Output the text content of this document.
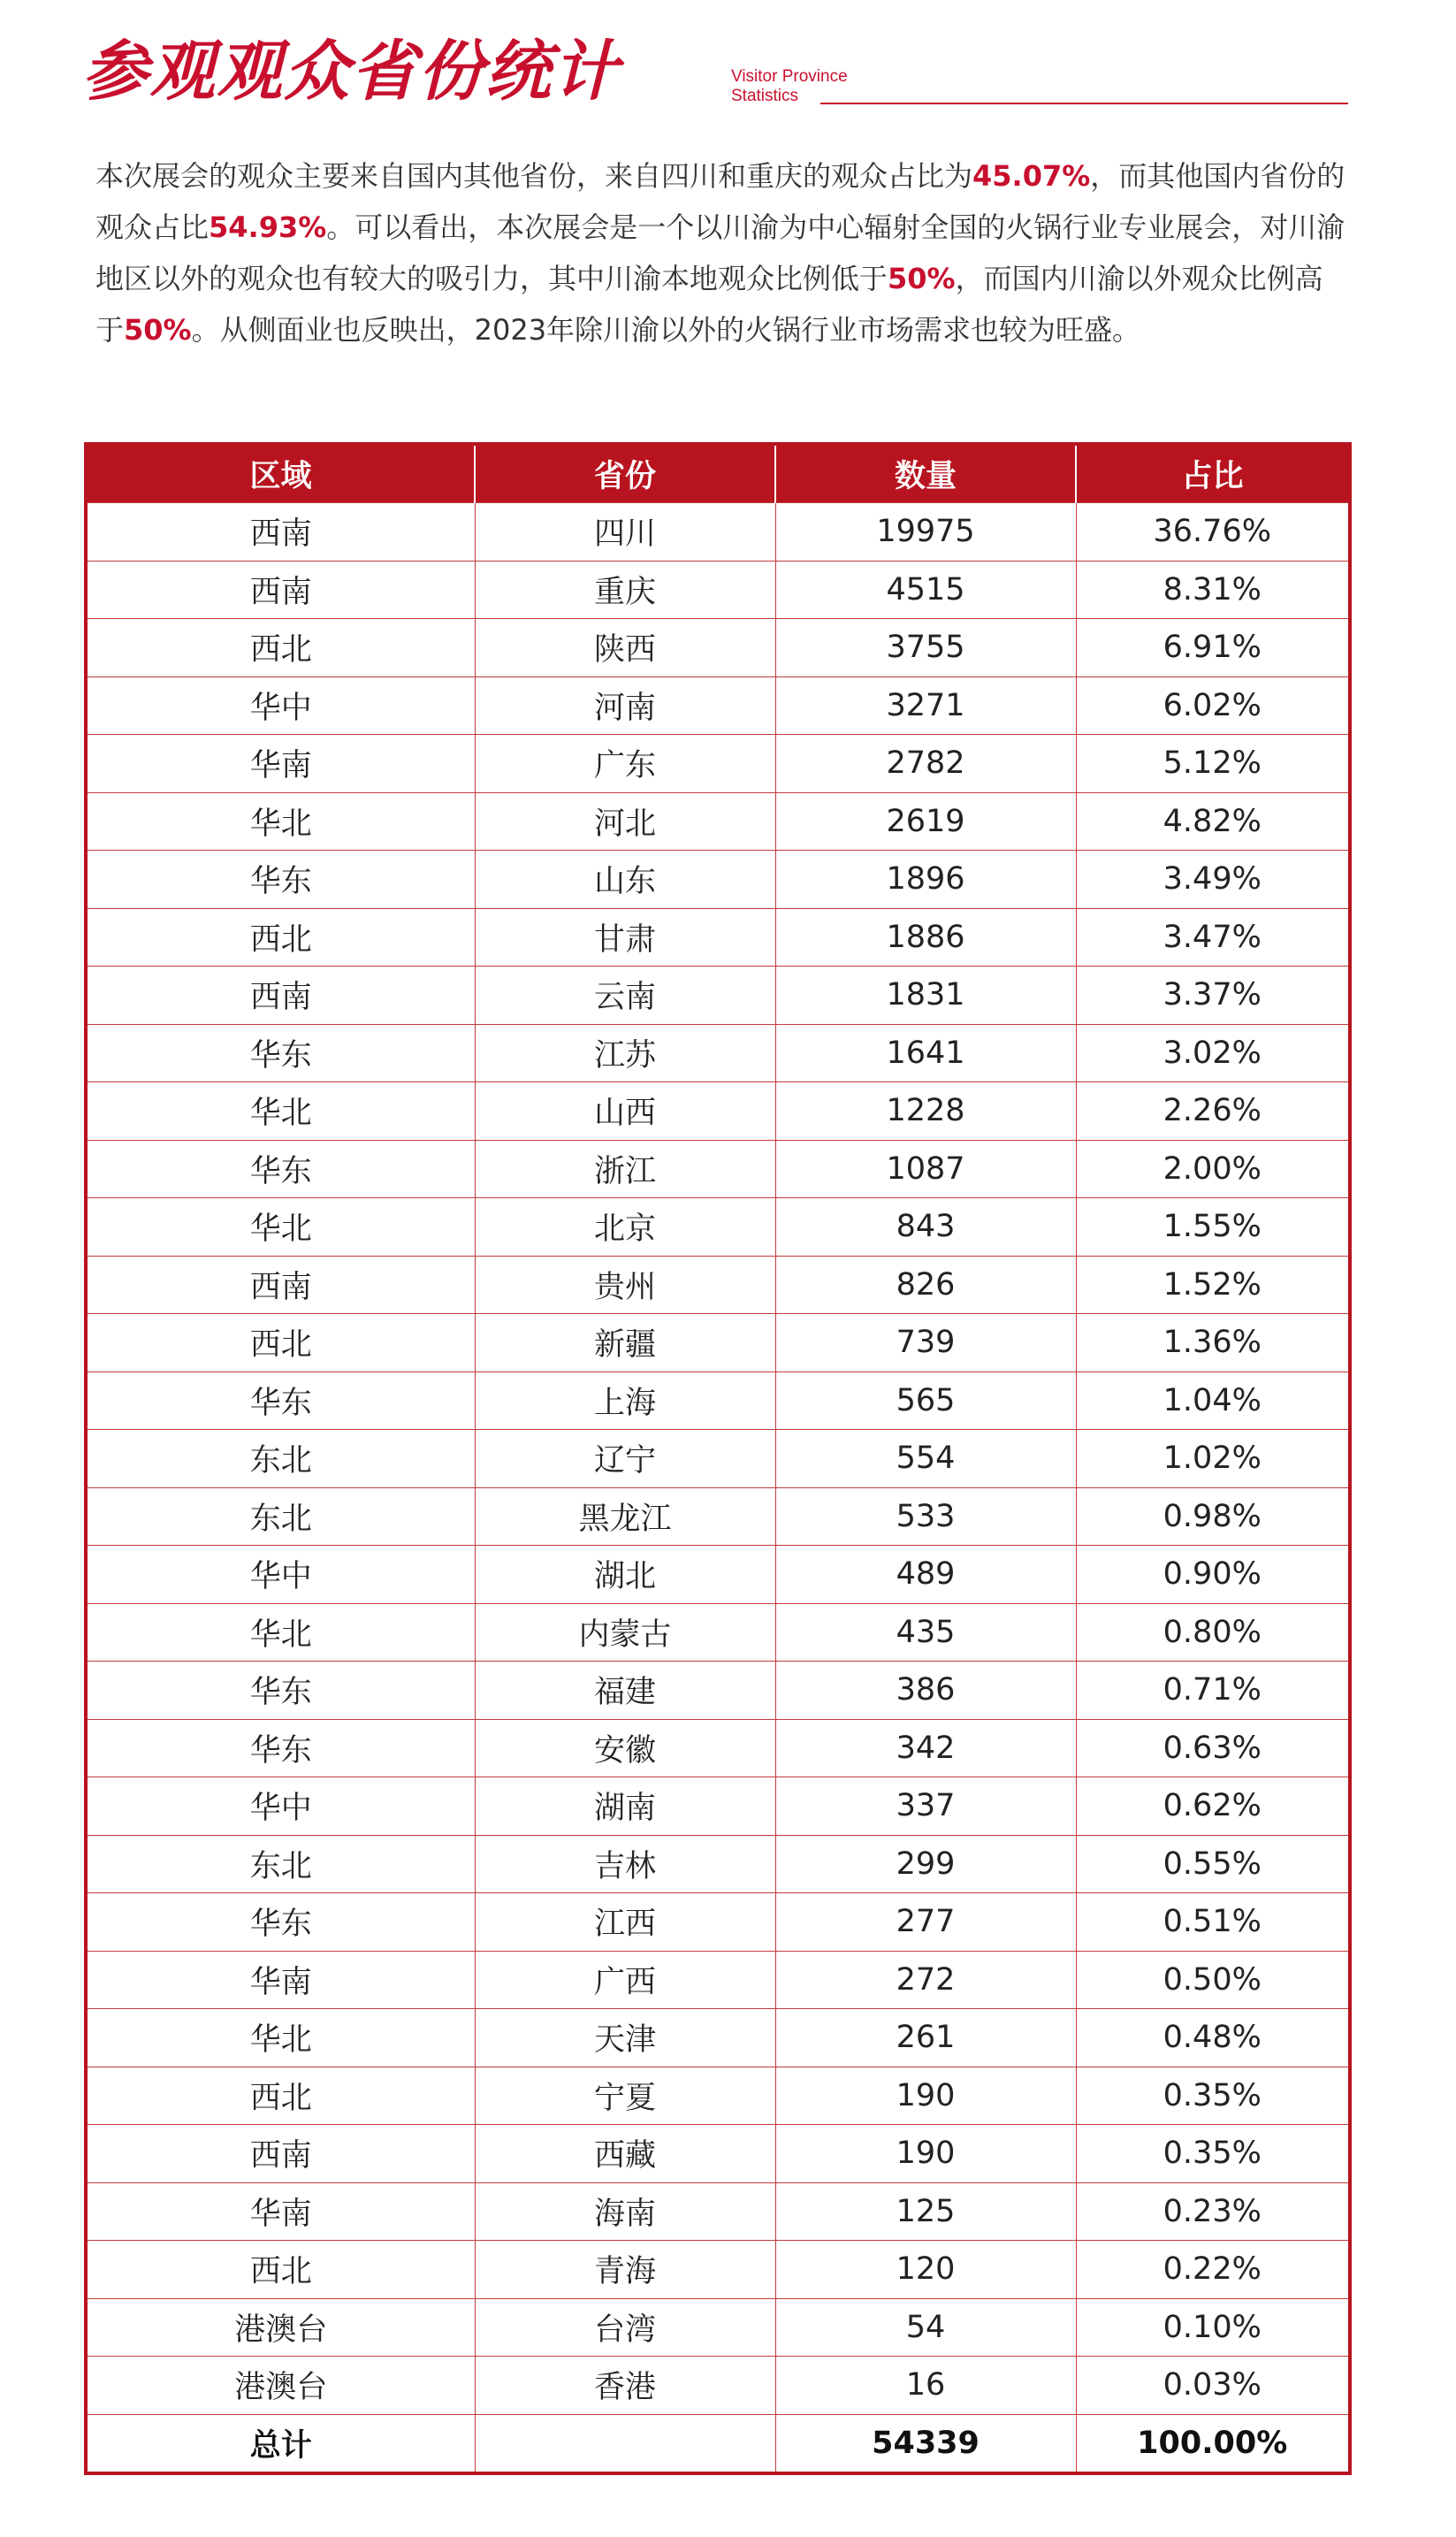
参观观众省份统计	Visitor Province
Statistics

本次展会的观众主要来自国内其他省份，来自四川和重庆的观众占比为45.07%，而其他国内省份的观众占比54.93%。可以看出，本次展会是一个以川渝为中心辐射全国的火锅行业专业展会，对川渝地区以外的观众也有较大的吸引力，其中川渝本地观众比例低于50%，而国内川渝以外观众比例高于50%。从侧面业也反映出，2023年除川渝以外的火锅行业市场需求也较为旺盛。

区域	省份	数量	占比
西南	四川	19975	36.76%
西南	重庆	4515	8.31%
西北	陕西	3755	6.91%
华中	河南	3271	6.02%
华南	广东	2782	5.12%
华北	河北	2619	4.82%
华东	山东	1896	3.49%
西北	甘肃	1886	3.47%
西南	云南	1831	3.37%
华东	江苏	1641	3.02%
华北	山西	1228	2.26%
华东	浙江	1087	2.00%
华北	北京	843	1.55%
西南	贵州	826	1.52%
西北	新疆	739	1.36%
华东	上海	565	1.04%
东北	辽宁	554	1.02%
东北	黑龙江	533	0.98%
华中	湖北	489	0.90%
华北	内蒙古	435	0.80%
华东	福建	386	0.71%
华东	安徽	342	0.63%
华中	湖南	337	0.62%
东北	吉林	299	0.55%
华东	江西	277	0.51%
华南	广西	272	0.50%
华北	天津	261	0.48%
西北	宁夏	190	0.35%
西南	西藏	190	0.35%
华南	海南	125	0.23%
西北	青海	120	0.22%
港澳台	台湾	54	0.10%
港澳台	香港	16	0.03%
总计		54339	100.00%
